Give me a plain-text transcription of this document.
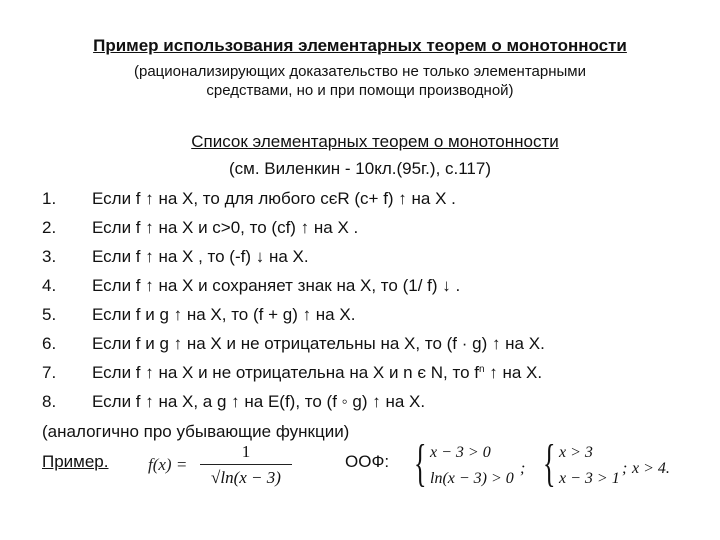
Пример использования элементарных теорем о монотонности
(рационализирующих доказательство не только элементарными
средствами, но и при помощи производной)
Список элементарных теорем о монотонности
(см. Виленкин - 10кл.(95г.), с.117)
1. Если f ↑ на X, то для любого cєR (c+ f) ↑ на X .
2. Если f ↑ на X и c>0, то (cf) ↑ на X .
3. Если f ↑ на X , то (-f) ↓ на X.
4. Если f ↑ на X и сохраняет знак на X, то (1/ f) ↓ .
5. Если f и g ↑ на X, то (f + g) ↑ на X.
6. Если f и g ↑ на X и не отрицательны на X, то (f · g) ↑ на X.
7. Если f ↑ на X и не отрицательна на X и n є N, то $f^n$ ↑ на X.
8. Если f ↑ на X, а g ↑ на E(f), то (f ◦ g) ↑ на X.
(аналогично про убывающие функции)
Пример. f(x) =
1
√ln(x − 3)
ООФ: { x − 3 > 0
ln(x − 3) > 0
; { x > 3
x − 3 > 1
; x > 4.
